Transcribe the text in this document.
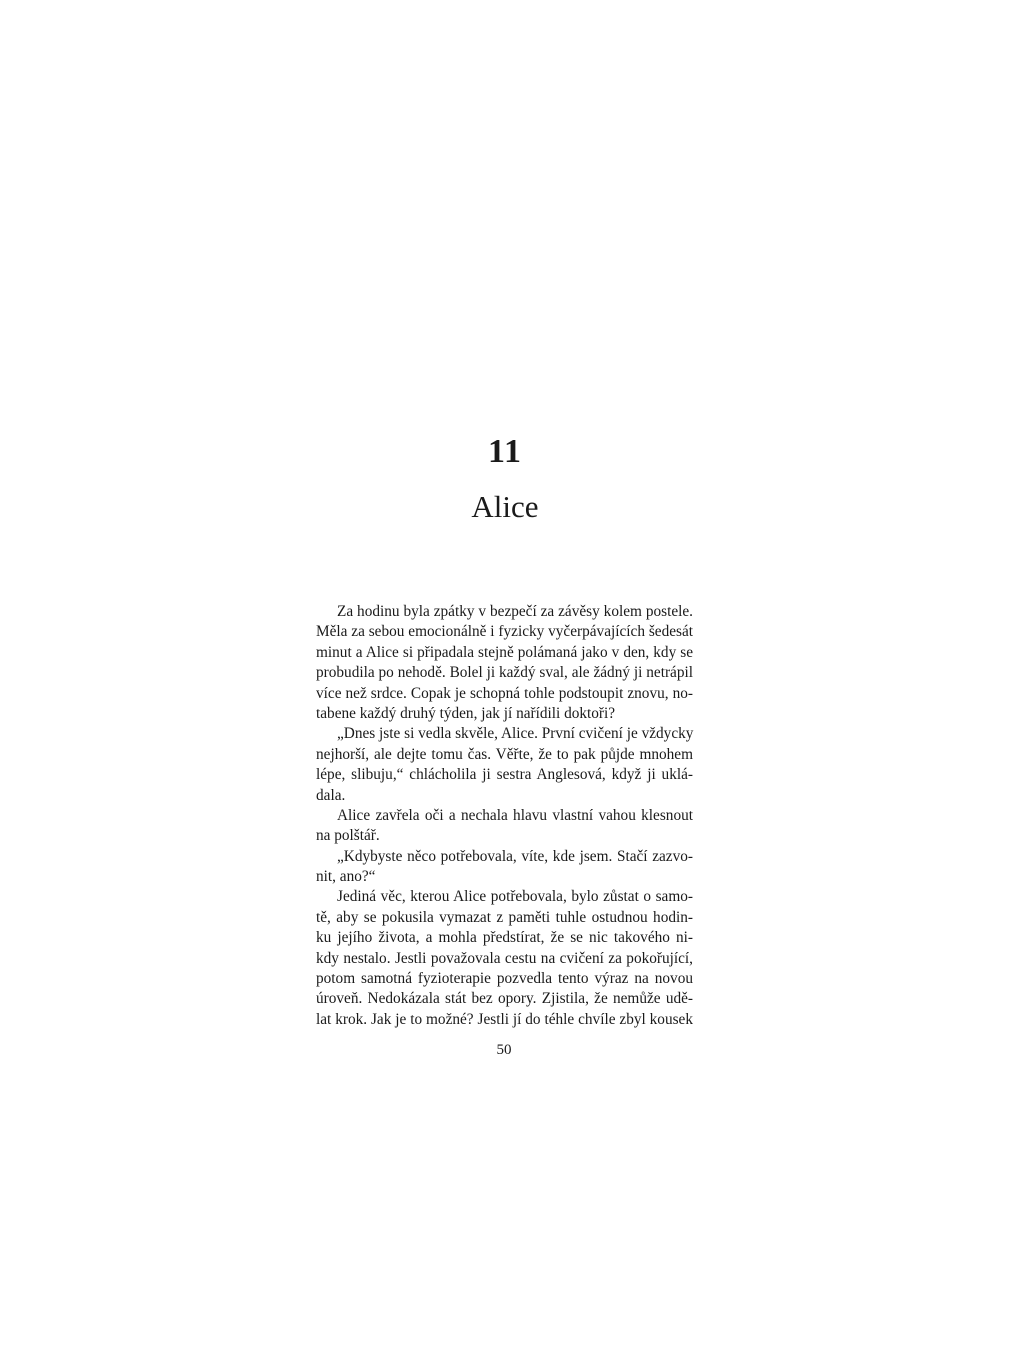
11
Alice
Za hodinu byla zpátky v bezpečí za závěsy kolem postele.
Měla za sebou emocionálně i fyzicky vyčerpávajících šedesát
minut a Alice si připadala stejně polámaná jako v den, kdy se
probudila po nehodě. Bolel ji každý sval, ale žádný ji netrápil
více než srdce. Copak je schopná tohle podstoupit znovu, no-
tabene každý druhý týden, jak jí nařídili doktoři?
„Dnes jste si vedla skvěle, Alice. První cvičení je vždycky
nejhorší, ale dejte tomu čas. Věřte, že to pak půjde mnohem
lépe, slibuju,“ chlácholila ji sestra Anglesová, když ji uklá-
dala.
Alice zavřela oči a nechala hlavu vlastní vahou klesnout
na polštář.
„Kdybyste něco potřebovala, víte, kde jsem. Stačí zazvo-
nit, ano?“
Jediná věc, kterou Alice potřebovala, bylo zůstat o samo-
tě, aby se pokusila vymazat z paměti tuhle ostudnou hodin-
ku jejího života, a mohla předstírat, že se nic takového ni-
kdy nestalo. Jestli považovala cestu na cvičení za pokořující,
potom samotná fyzioterapie pozvedla tento výraz na novou
úroveň. Nedokázala stát bez opory. Zjistila, že nemůže udě-
lat krok. Jak je to možné? Jestli jí do téhle chvíle zbyl kousek
50
